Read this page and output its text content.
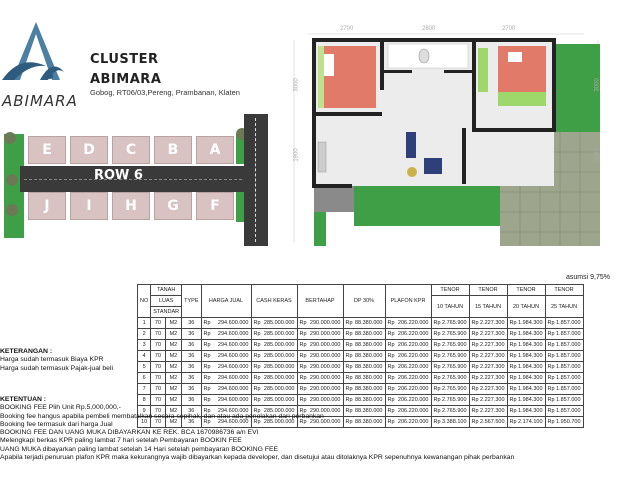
ABIMARA
CLUSTER
ABIMARA
Gobog, RT06/03,Pereng, Prambanan, Klaten
ROW 6
E	D	C	B	A
J	I	H	G	F
2700	2800	2700
3000
1900
3000
1900
asumsi 9,75%
NO	TANAH		TYPE	HARGA JUAL	CASH KERAS	BERTAHAP	DP 30%	PLAFON KPR	TENOR	TENOR	TENOR	TENOR
	LUAS								10 TAHUN	15 TAHUN	20 TAHUN	25 TAHUN
	STANDAR											
1	70	M2	36	Rp 294.600.000	Rp 285.000.000	Rp 290.000.000	Rp 88.380.000	Rp 206.220.000	Rp 2.765.900	Rp 2.227.300	Rp 1.984.300	Rp 1.857.000

2	70	M2	36	Rp 294.600.000	Rp 285.000.000	Rp 290.000.000	Rp 88.380.000	Rp 206.220.000	Rp 2.765.900	Rp 2.227.300	Rp 1.984.300	Rp 1.857.000

3	70	M2	36	Rp 294.600.000	Rp 285.000.000	Rp 290.000.000	Rp 88.380.000	Rp 206.220.000	Rp 2.765.900	Rp 2.227.300	Rp 1.984.300	Rp 1.857.000

4	70	M2	36	Rp 294.600.000	Rp 285.000.000	Rp 290.000.000	Rp 88.380.000	Rp 206.220.000	Rp 2.765.900	Rp 2.227.300	Rp 1.984.300	Rp 1.857.000

5	70	M2	36	Rp 294.600.000	Rp 285.000.000	Rp 290.000.000	Rp 88.380.000	Rp 206.220.000	Rp 2.765.900	Rp 2.227.300	Rp 1.984.300	Rp 1.857.000

6	70	M2	36	Rp 294.600.000	Rp 285.000.000	Rp 290.000.000	Rp 88.380.000	Rp 206.220.000	Rp 2.765.900	Rp 2.227.300	Rp 1.984.300	Rp 1.857.000

7	70	M2	36	Rp 294.600.000	Rp 285.000.000	Rp 290.000.000	Rp 88.380.000	Rp 206.220.000	Rp 2.765.900	Rp 2.227.300	Rp 1.984.300	Rp 1.857.000

8	70	M2	36	Rp 294.600.000	Rp 285.000.000	Rp 290.000.000	Rp 88.380.000	Rp 206.220.000	Rp 2.765.900	Rp 2.227.300	Rp 1.984.300	Rp 1.857.000

9	70	M2	36	Rp 294.600.000	Rp 285.000.000	Rp 290.000.000	Rp 88.380.000	Rp 206.220.000	Rp 2.765.900	Rp 2.227.300	Rp 1.984.300	Rp 1.857.000

10	70	M2	36	Rp 294.600.000	Rp 285.000.000	Rp 290.000.000	Rp 88.380.000	Rp 206.220.000	Rp 3.388.100	Rp 2.567.500	Rp 2.174.100	Rp 1.950.700
KETERANGAN :
Harga sudah termasuk Biaya KPR
Harga sudah termasuk Pajak-jual beli
KETENTUAN :
BOOKING FEE Plih Unit Rp.5,000,000,-
Booking fee hangus apabila pembeli membatalkan secara sepihak, dan atau ada penolakan dari perbankan
Booking fee termasuk dari harga Jual
BOOKING FEE DAN UANG MUKA DIBAYARKAN KE REK. BCA 1670986736 a/n EVI
Melengkapi berkas KPR paling lambat 7 hari setelah Pembayaran BOOKIN FEE
UANG MUKA dibayarkan paling lambat setelah 14 Hari setelah pembayaran BOOKING FEE
Apabila terjadi penuruan plafon KPR maka kekurangnya wajib dibayarkan kepada developer, dan disetujui atau ditolaknya KPR sepenuhnya kewanangan pihak perbankan
